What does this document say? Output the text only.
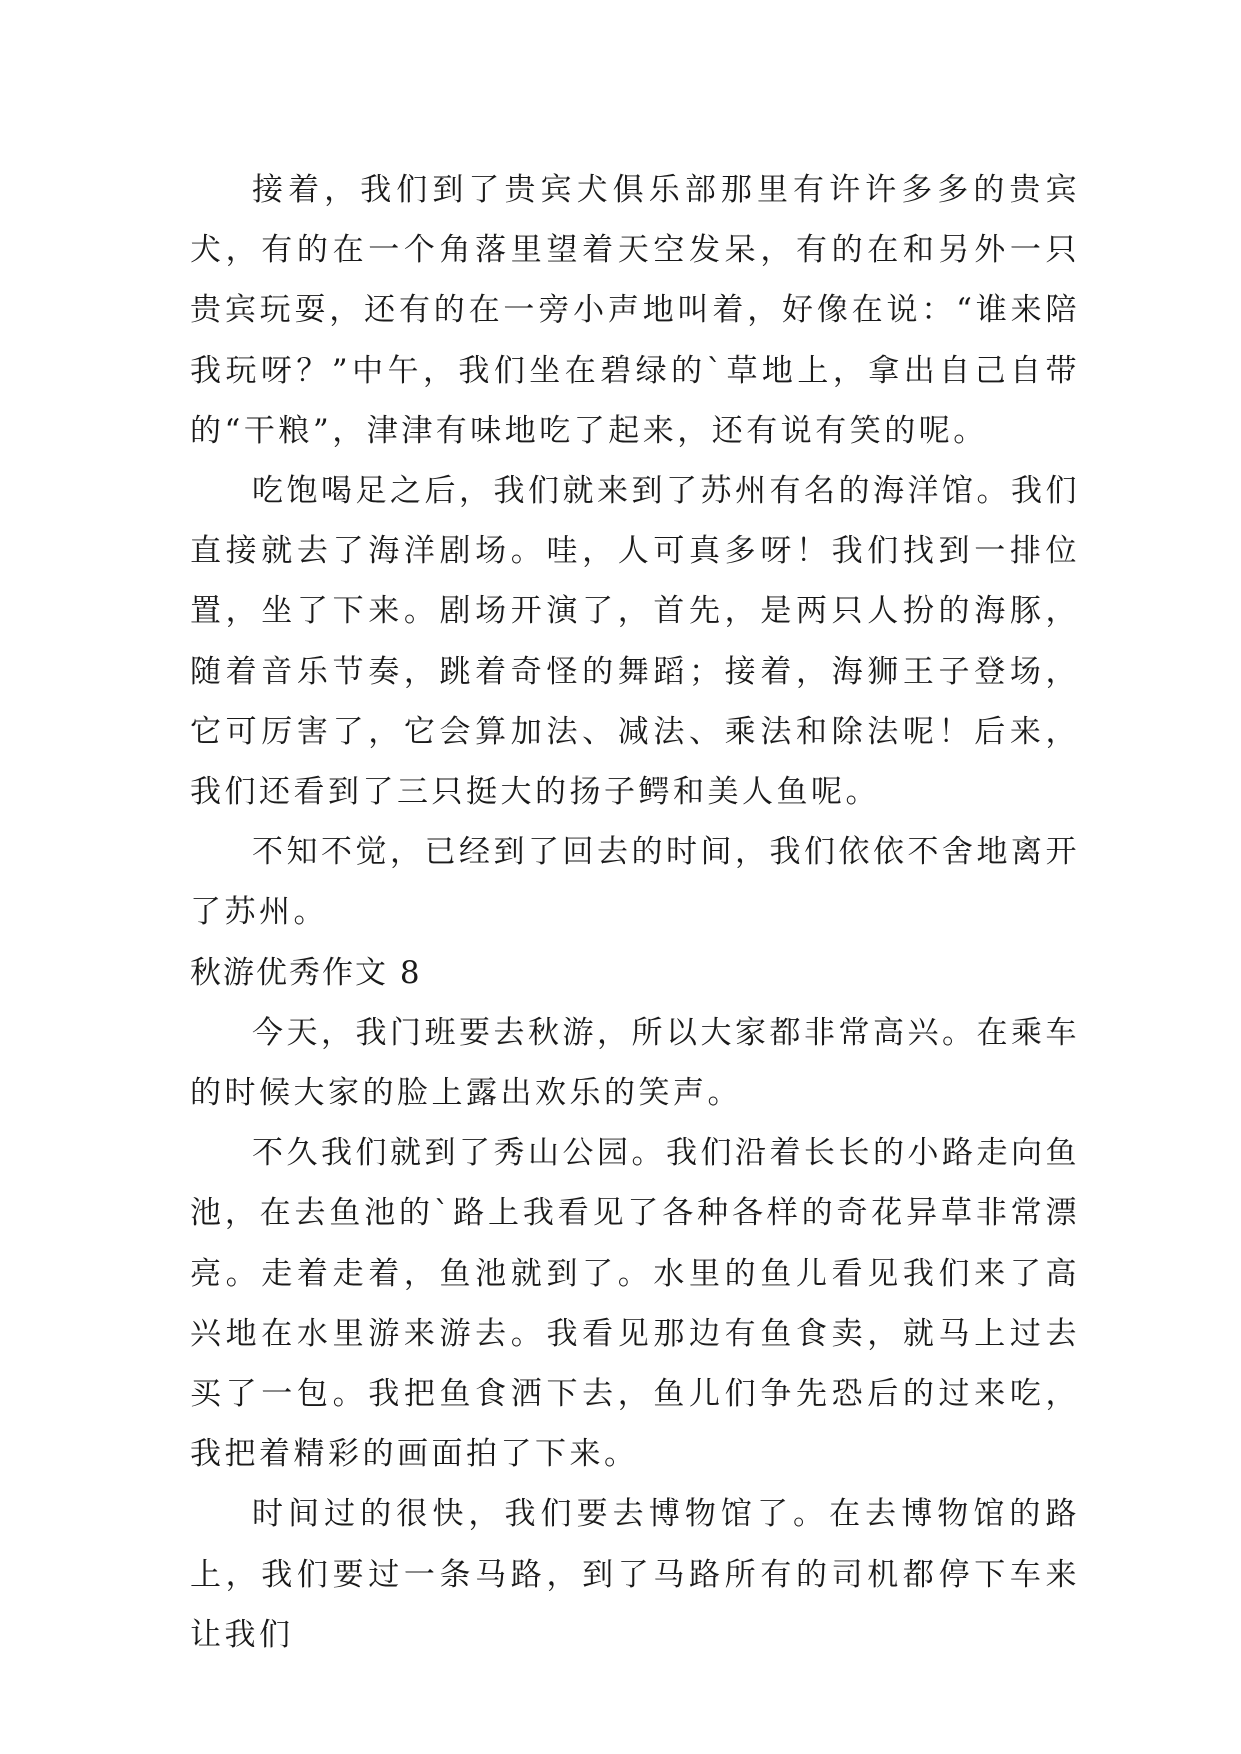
接着，我们到了贵宾犬俱乐部那里有许许多多的贵宾犬，有的在一个角落里望着天空发呆，有的在和另外一只贵宾玩耍，还有的在一旁小声地叫着，好像在说：“谁来陪我玩呀？”中午，我们坐在碧绿的`草地上，拿出自己自带的“干粮”，津津有味地吃了起来，还有说有笑的呢。

吃饱喝足之后，我们就来到了苏州有名的海洋馆。我们直接就去了海洋剧场。哇，人可真多呀！我们找到一排位置，坐了下来。剧场开演了，首先，是两只人扮的海豚，随着音乐节奏，跳着奇怪的舞蹈；接着，海狮王子登场，它可厉害了，它会算加法、减法、乘法和除法呢！后来，我们还看到了三只挺大的扬子鳄和美人鱼呢。

不知不觉，已经到了回去的时间，我们依依不舍地离开了苏州。

秋游优秀作文 8

今天，我门班要去秋游，所以大家都非常高兴。在乘车的时候大家的脸上露出欢乐的笑声。

不久我们就到了秀山公园。我们沿着长长的小路走向鱼池，在去鱼池的`路上我看见了各种各样的奇花异草非常漂亮。走着走着，鱼池就到了。水里的鱼儿看见我们来了高兴地在水里游来游去。我看见那边有鱼食卖，就马上过去买了一包。我把鱼食洒下去，鱼儿们争先恐后的过来吃，我把着精彩的画面拍了下来。

时间过的很快，我们要去博物馆了。在去博物馆的路上，我们要过一条马路，到了马路所有的司机都停下车来让我们
